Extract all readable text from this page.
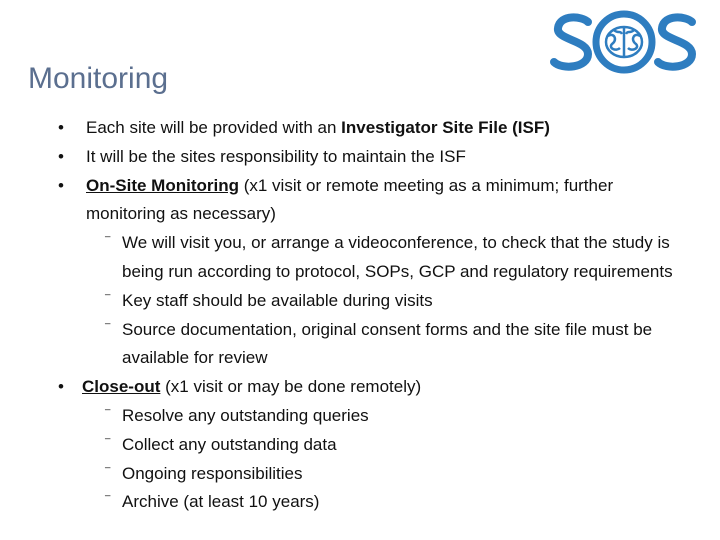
Monitoring
• Each site will be provided with an Investigator Site File (ISF)
• It will be the sites responsibility to maintain the ISF
• On-Site Monitoring (x1 visit or remote meeting as a minimum; further monitoring as necessary)
⁻ We will visit you, or arrange a videoconference, to check that the study is being run according to protocol, SOPs, GCP and regulatory requirements
⁻ Key staff should be available during visits
⁻ Source documentation, original consent forms and the site file must be available for review
• Close-out (x1 visit or may be done remotely)
⁻ Resolve any outstanding queries
⁻ Collect any outstanding data
⁻ Ongoing responsibilities
⁻ Archive (at least 10 years)
